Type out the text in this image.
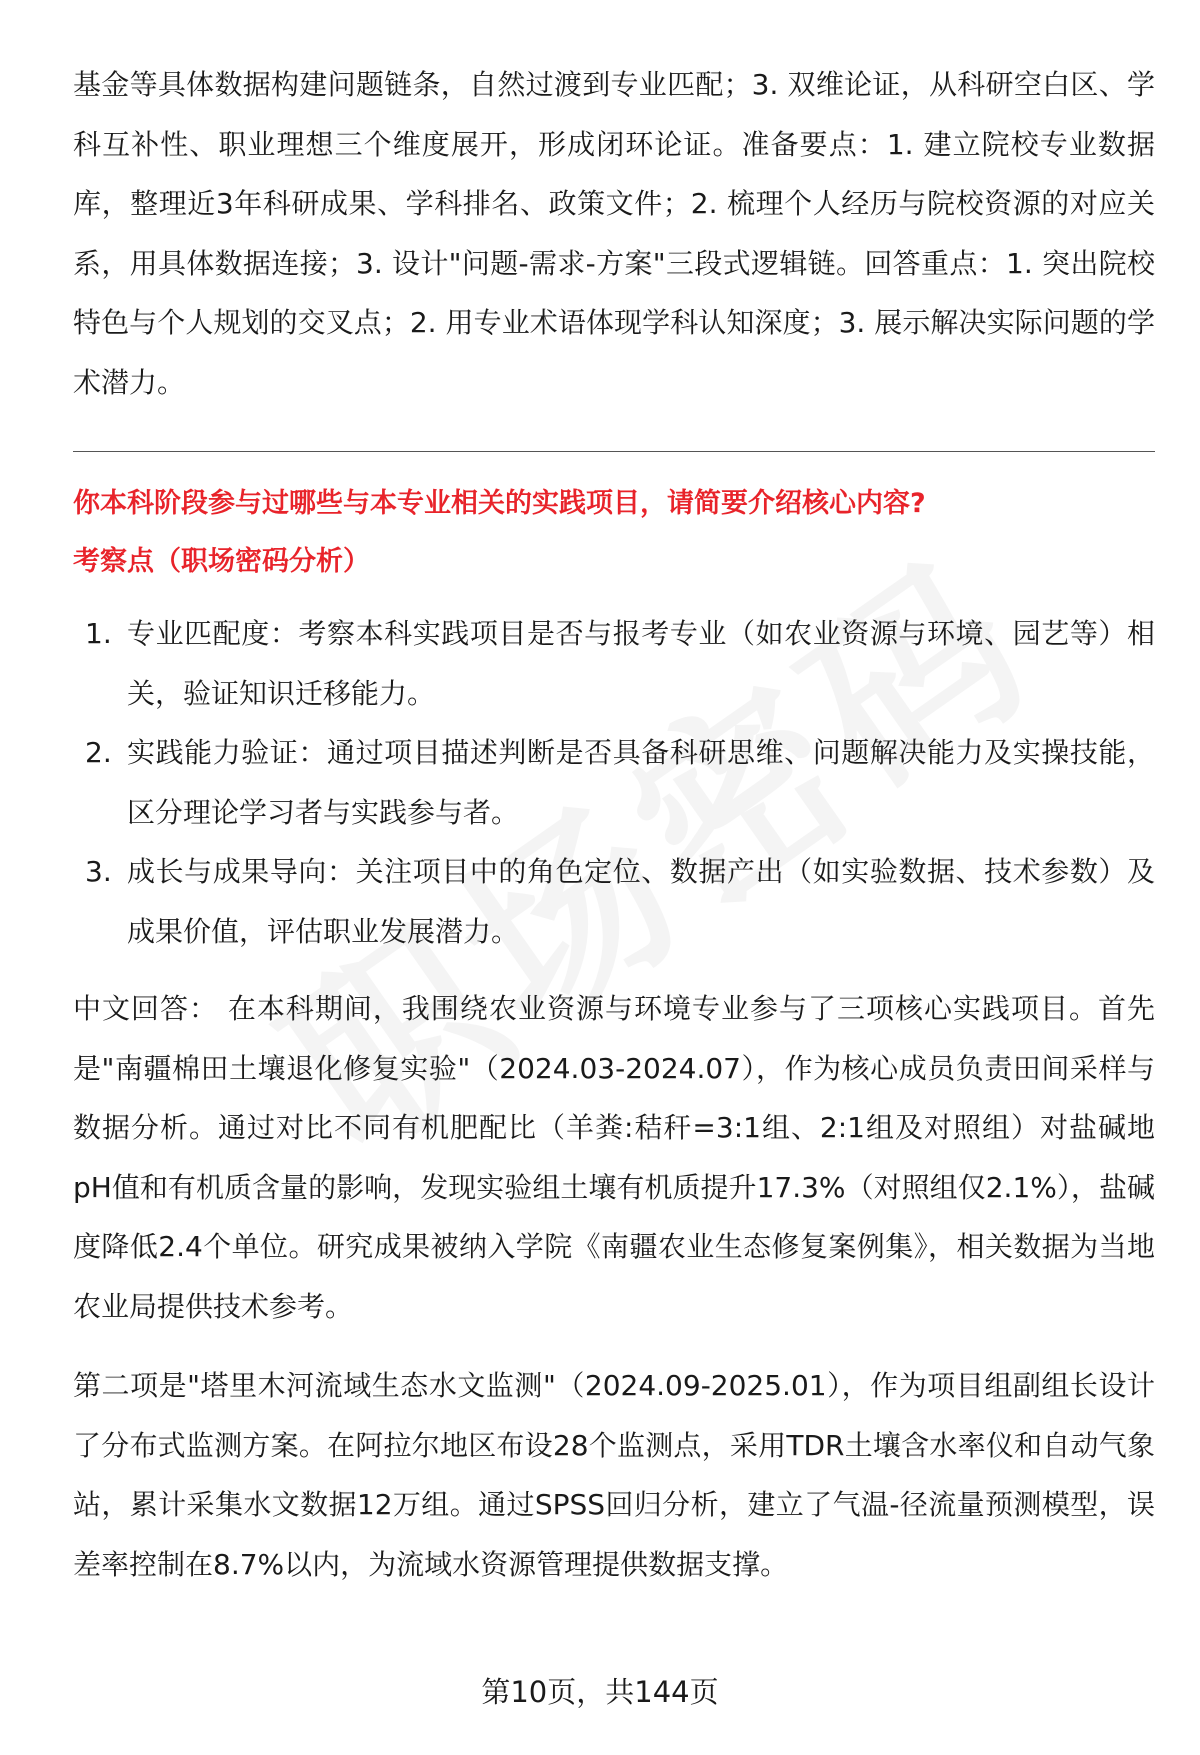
基金等具体数据构建问题链条，自然过渡到专业匹配；3. 双维论证，从科研空白区、学科互补性、职业理想三个维度展开，形成闭环论证。准备要点：1. 建立院校专业数据库，整理近3年科研成果、学科排名、政策文件；2. 梳理个人经历与院校资源的对应关系，用具体数据连接；3. 设计"问题-需求-方案"三段式逻辑链。回答重点：1. 突出院校特色与个人规划的交叉点；2. 用专业术语体现学科认知深度；3. 展示解决实际问题的学术潜力。

你本科阶段参与过哪些与本专业相关的实践项目，请简要介绍核心内容?
考察点（职场密码分析）
1. 专业匹配度：考察本科实践项目是否与报考专业（如农业资源与环境、园艺等）相关，验证知识迁移能力。
2. 实践能力验证：通过项目描述判断是否具备科研思维、问题解决能力及实操技能，区分理论学习者与实践参与者。
3. 成长与成果导向：关注项目中的角色定位、数据产出（如实验数据、技术参数）及成果价值，评估职业发展潜力。

中文回答： 在本科期间，我围绕农业资源与环境专业参与了三项核心实践项目。首先是"南疆棉田土壤退化修复实验"（2024.03-2024.07），作为核心成员负责田间采样与数据分析。通过对比不同有机肥配比（羊粪:秸秆=3:1组、2:1组及对照组）对盐碱地pH值和有机质含量的影响，发现实验组土壤有机质提升17.3%（对照组仅2.1%），盐碱度降低2.4个单位。研究成果被纳入学院《南疆农业生态修复案例集》，相关数据为当地农业局提供技术参考。

第二项是"塔里木河流域生态水文监测"（2024.09-2025.01），作为项目组副组长设计了分布式监测方案。在阿拉尔地区布设28个监测点，采用TDR土壤含水率仪和自动气象站，累计采集水文数据12万组。通过SPSS回归分析，建立了气温-径流量预测模型，误差率控制在8.7%以内，为流域水资源管理提供数据支撑。

第10页，共144页
